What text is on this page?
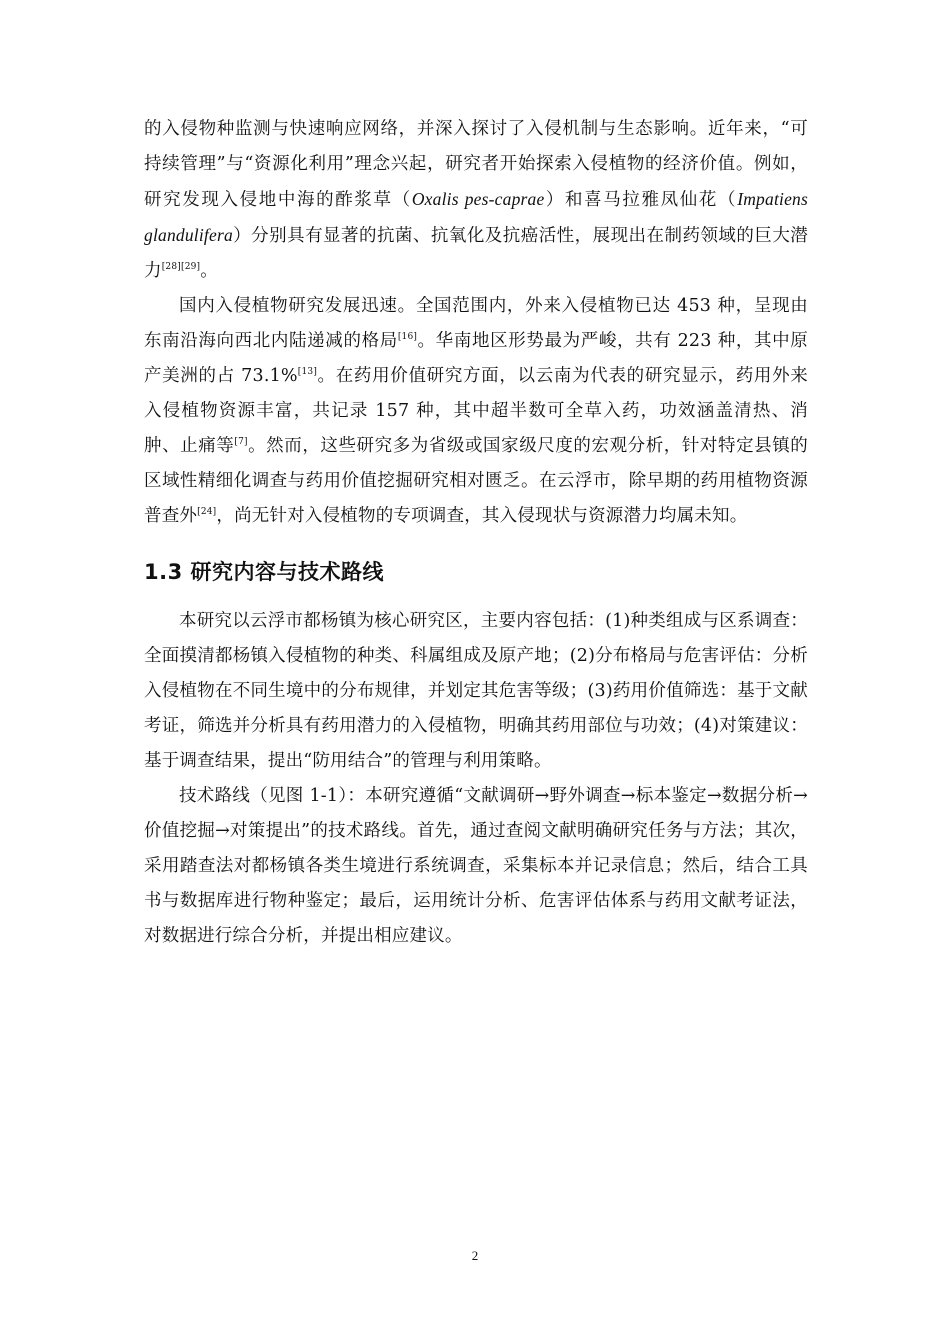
的入侵物种监测与快速响应网络，并深入探讨了入侵机制与生态影响。近年来，“可持续管理”与“资源化利用”理念兴起，研究者开始探索入侵植物的经济价值。例如，研究发现入侵地中海的酢浆草（Oxalis pes-caprae）和喜马拉雅凤仙花（Impatiens glandulifera）分别具有显著的抗菌、抗氧化及抗癌活性，展现出在制药领域的巨大潜力[28][29]。

国内入侵植物研究发展迅速。全国范围内，外来入侵植物已达 453 种，呈现由东南沿海向西北内陆递减的格局[16]。华南地区形势最为严峻，共有 223 种，其中原产美洲的占 73.1%[13]。在药用价值研究方面，以云南为代表的研究显示，药用外来入侵植物资源丰富，共记录 157 种，其中超半数可全草入药，功效涵盖清热、消肿、止痛等[7]。然而，这些研究多为省级或国家级尺度的宏观分析，针对特定县镇的区域性精细化调查与药用价值挖掘研究相对匮乏。在云浮市，除早期的药用植物资源普查外[24]，尚无针对入侵植物的专项调查，其入侵现状与资源潜力均属未知。

1.3 研究内容与技术路线

本研究以云浮市都杨镇为核心研究区，主要内容包括：(1)种类组成与区系调查：全面摸清都杨镇入侵植物的种类、科属组成及原产地；(2)分布格局与危害评估：分析入侵植物在不同生境中的分布规律，并划定其危害等级；(3)药用价值筛选：基于文献考证，筛选并分析具有药用潜力的入侵植物，明确其药用部位与功效；(4)对策建议：基于调查结果，提出“防用结合”的管理与利用策略。

技术路线（见图 1-1）：本研究遵循“文献调研→野外调查→标本鉴定→数据分析→价值挖掘→对策提出”的技术路线。首先，通过查阅文献明确研究任务与方法；其次，采用踏查法对都杨镇各类生境进行系统调查，采集标本并记录信息；然后，结合工具书与数据库进行物种鉴定；最后，运用统计分析、危害评估体系与药用文献考证法，对数据进行综合分析，并提出相应建议。

2
